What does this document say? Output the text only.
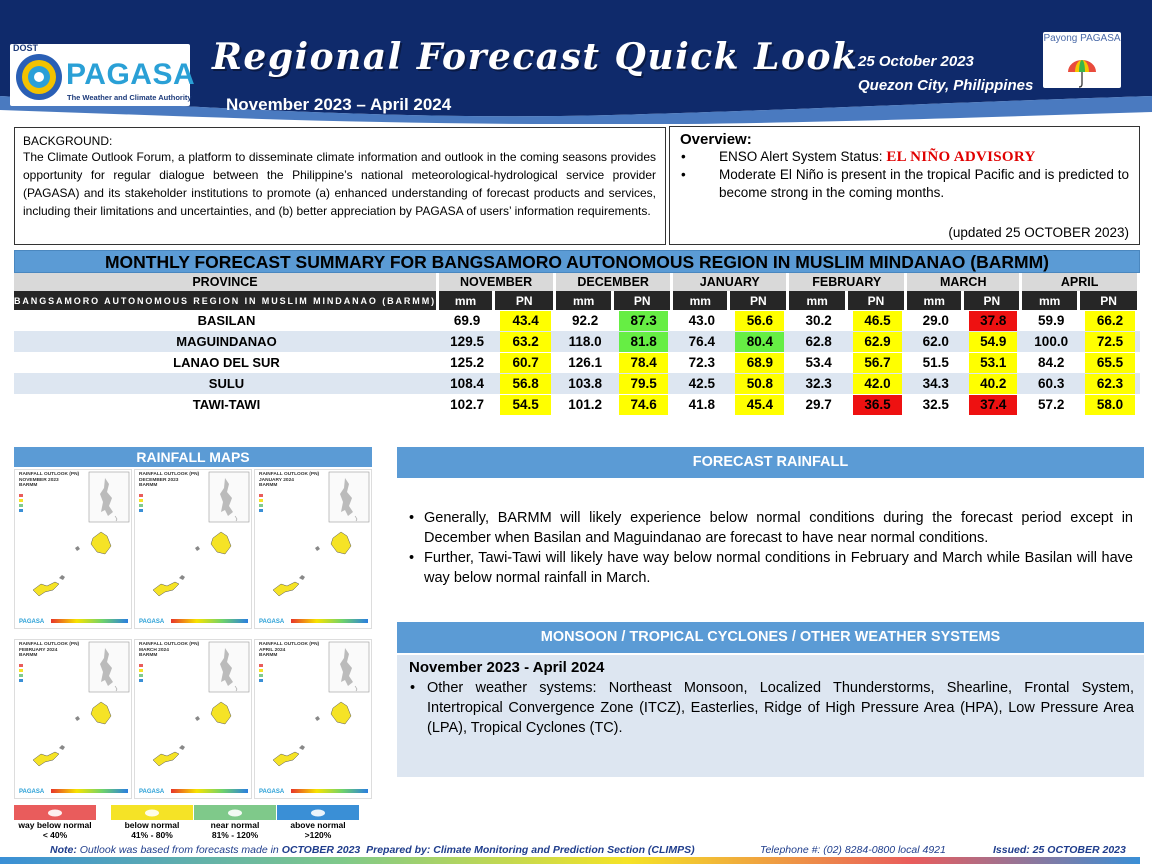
DOST
PAGASA
The Weather and Climate Authority
Regional Forecast Quick Look
November 2023 – April 2024
25 October 2023
Quezon City, Philippines
Payong PAGASA
BACKGROUND:
The Climate Outlook Forum, a platform to disseminate climate information and outlook in the coming seasons provides opportunity for regular dialogue between the Philippine’s national meteorological-hydrological service provider (PAGASA) and its stakeholder institutions to promote (a) enhanced understanding of forecast products and services, including their limitations and uncertainties, and (b) better appreciation by PAGASA of users’ information requirements.
Overview:
•	ENSO Alert System Status: EL NIÑO ADVISORY
•	Moderate El Niño is present in the tropical Pacific and is predicted to become strong in the coming months.
(updated 25 OCTOBER 2023)
MONTHLY FORECAST SUMMARY FOR BANGSAMORO AUTONOMOUS REGION IN MUSLIM MINDANAO (BARMM)
PROVINCE	NOVEMBER		DECEMBER		JANUARY		FEBRUARY		MARCH		APRIL	
BANGSAMORO AUTONOMOUS REGION IN MUSLIM MINDANAO (BARMM)	mm	PN	mm	PN	mm	PN	mm	PN	mm	PN	mm	PN
BASILAN	69.9	43.4	92.2	87.3	43.0	56.6	30.2	46.5	29.0	37.8	59.9	66.2

MAGUINDANAO	129.5	63.2	118.0	81.8	76.4	80.4	62.8	62.9	62.0	54.9	100.0	72.5

LANAO DEL SUR	125.2	60.7	126.1	78.4	72.3	68.9	53.4	56.7	51.5	53.1	84.2	65.5

SULU	108.4	56.8	103.8	79.5	42.5	50.8	32.3	42.0	34.3	40.2	60.3	62.3

TAWI-TAWI	102.7	54.5	101.2	74.6	41.8	45.4	29.7	36.5	32.5	37.4	57.2	58.0
RAINFALL MAPS
RAINFALL OUTLOOK (PN)
NOVEMBER 2023
BARMM
PAGASA
RAINFALL OUTLOOK (PN)
DECEMBER 2023
BARMM
PAGASA
RAINFALL OUTLOOK (PN)
JANUARY 2024
BARMM
PAGASA
RAINFALL OUTLOOK (PN)
FEBRUARY 2024
BARMM
PAGASA
RAINFALL OUTLOOK (PN)
MARCH 2024
BARMM
PAGASA
RAINFALL OUTLOOK (PN)
APRIL 2024
BARMM
PAGASA
way below normal
< 40%
below normal
41% - 80%
near normal
81% - 120%
above normal
>120%
FORECAST RAINFALL
• Generally, BARMM will likely experience below normal conditions during the forecast period except in December when Basilan and Maguindanao are forecast to have near normal conditions.
• Further, Tawi-Tawi will likely have way below normal conditions in February and March while Basilan will have way below normal rainfall in March.
MONSOON / TROPICAL CYCLONES / OTHER WEATHER SYSTEMS
November 2023 - April 2024
• Other weather systems: Northeast Monsoon, Localized Thunderstorms, Shearline, Frontal System, Intertropical Convergence Zone (ITCZ), Easterlies, Ridge of High Pressure Area (HPA), Low Pressure Area (LPA), Tropical Cyclones (TC).
Note: Outlook was based from forecasts made in OCTOBER 2023 Prepared by: Climate Monitoring and Prediction Section (CLIMPS)	Telephone #: (02) 8284-0800 local 4921	Issued: 25 OCTOBER 2023
